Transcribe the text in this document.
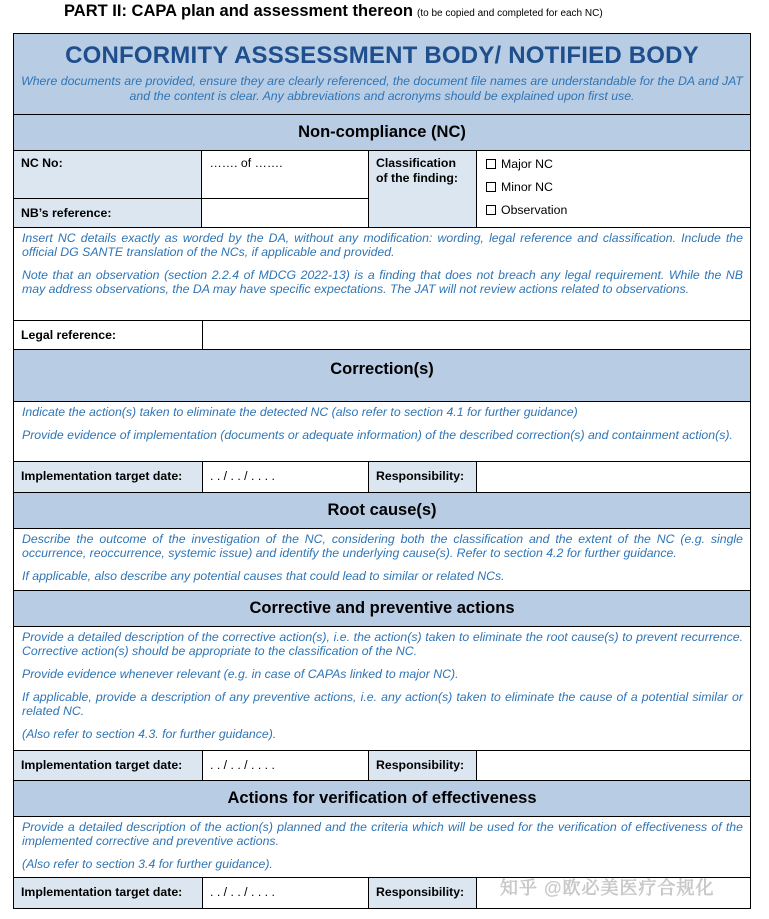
PART II: CAPA plan and assessment thereon (to be copied and completed for each NC)
CONFORMITY ASSSESSMENT BODY/ NOTIFIED BODY
Where documents are provided, ensure they are clearly referenced, the document file names are understandable for the DA and JAT and the content is clear. Any abbreviations and acronyms should be explained upon first use.
Non-compliance (NC)
NC No:	……. of …….
NB’s reference:
Classification of the finding:
Major NC
Minor NC
Observation

Insert NC details exactly as worded by the DA, without any modification: wording, legal reference and classification. Include the official DG SANTE translation of the NCs, if applicable and provided.

Note that an observation (section 2.2.4 of MDCG 2022-13) is a finding that does not breach any legal requirement. While the NB may address observations, the DA may have specific expectations. The JAT will not review actions related to observations.

Legal reference:
Correction(s)

Indicate the action(s) taken to eliminate the detected NC (also refer to section 4.1 for further guidance)

Provide evidence of implementation (documents or adequate information) of the described correction(s) and containment action(s).

Implementation target date:	. . / . . / . . . .	Responsibility:
Root cause(s)

Describe the outcome of the investigation of the NC, considering both the classification and the extent of the NC (e.g. single occurrence, reoccurrence, systemic issue) and identify the underlying cause(s). Refer to section 4.2 for further guidance.

If applicable, also describe any potential causes that could lead to similar or related NCs.

Corrective and preventive actions

Provide a detailed description of the corrective action(s), i.e. the action(s) taken to eliminate the root cause(s) to prevent recurrence. Corrective action(s) should be appropriate to the classification of the NC.

Provide evidence whenever relevant (e.g. in case of CAPAs linked to major NC).

If applicable, provide a description of any preventive actions, i.e. any action(s) taken to eliminate the cause of a potential similar or related NC.

(Also refer to section 4.3. for further guidance).

Implementation target date:	. . / . . / . . . .	Responsibility:
Actions for verification of effectiveness

Provide a detailed description of the action(s) planned and the criteria which will be used for the verification of effectiveness of the implemented corrective and preventive actions.

(Also refer to section 3.4 for further guidance).

Implementation target date:	. . / . . / . . . .	Responsibility:	知乎 @欧必美医疗合规化
